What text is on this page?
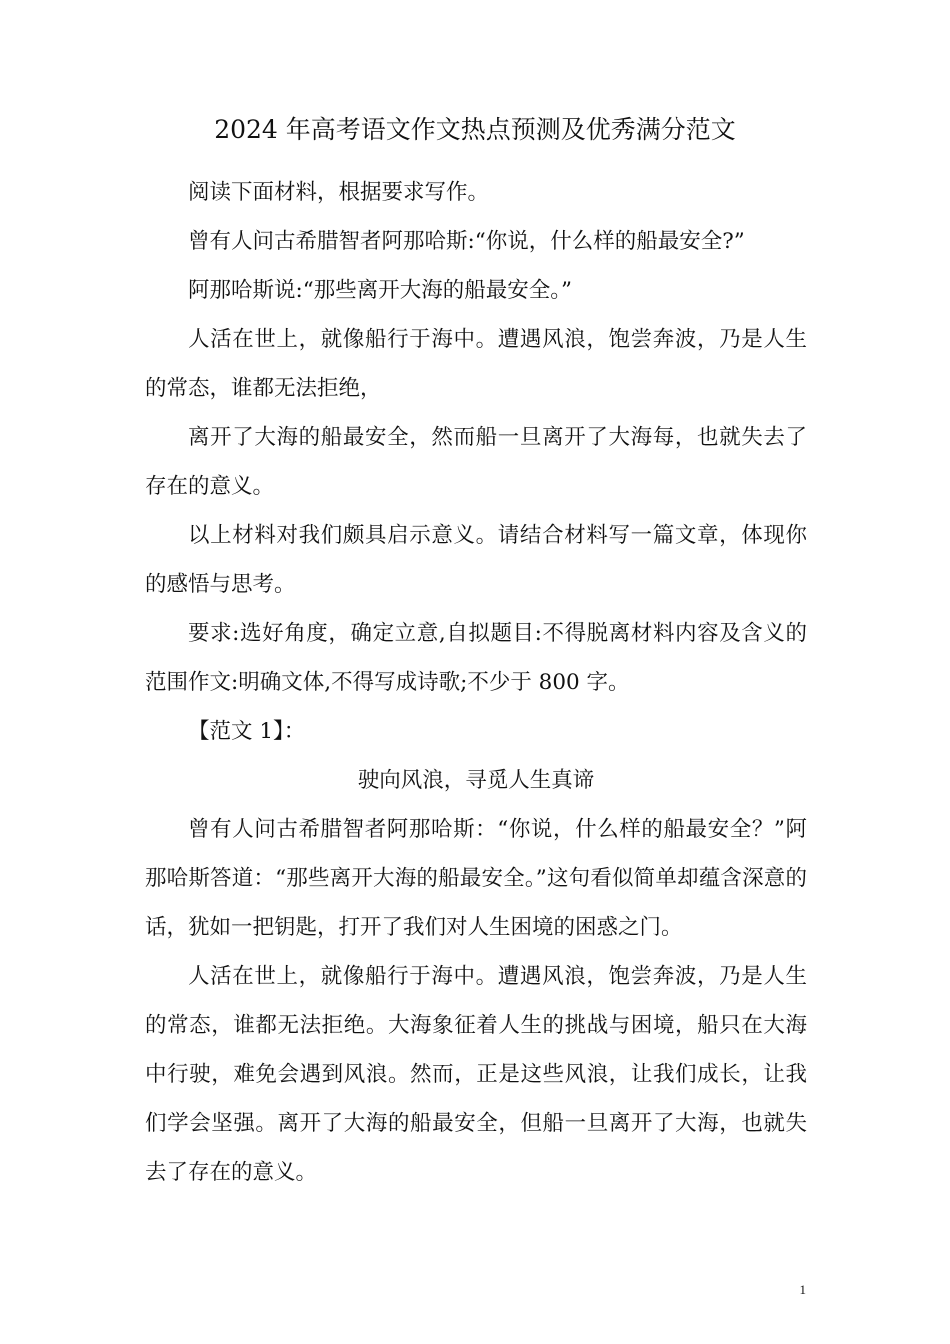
2024 年高考语文作文热点预测及优秀满分范文

阅读下面材料，根据要求写作。

曾有人问古希腊智者阿那哈斯:“你说，什么样的船最安全?”

阿那哈斯说:“那些离开大海的船最安全。”

人活在世上，就像船行于海中。遭遇风浪，饱尝奔波，乃是人生的常态，谁都无法拒绝，

离开了大海的船最安全，然而船一旦离开了大海每，也就失去了存在的意义。

以上材料对我们颇具启示意义。请结合材料写一篇文章，体现你的感悟与思考。

要求:选好角度，确定立意,自拟题目:不得脱离材料内容及含义的范围作文:明确文体,不得写成诗歌;不少于 800 字。

【范文 1】：

驶向风浪，寻觅人生真谛

曾有人问古希腊智者阿那哈斯：“你说，什么样的船最安全？”阿那哈斯答道：“那些离开大海的船最安全。”这句看似简单却蕴含深意的话，犹如一把钥匙，打开了我们对人生困境的困惑之门。

人活在世上，就像船行于海中。遭遇风浪，饱尝奔波，乃是人生的常态，谁都无法拒绝。大海象征着人生的挑战与困境，船只在大海中行驶，难免会遇到风浪。然而，正是这些风浪，让我们成长，让我们学会坚强。离开了大海的船最安全，但船一旦离开了大海，也就失去了存在的意义。

1
